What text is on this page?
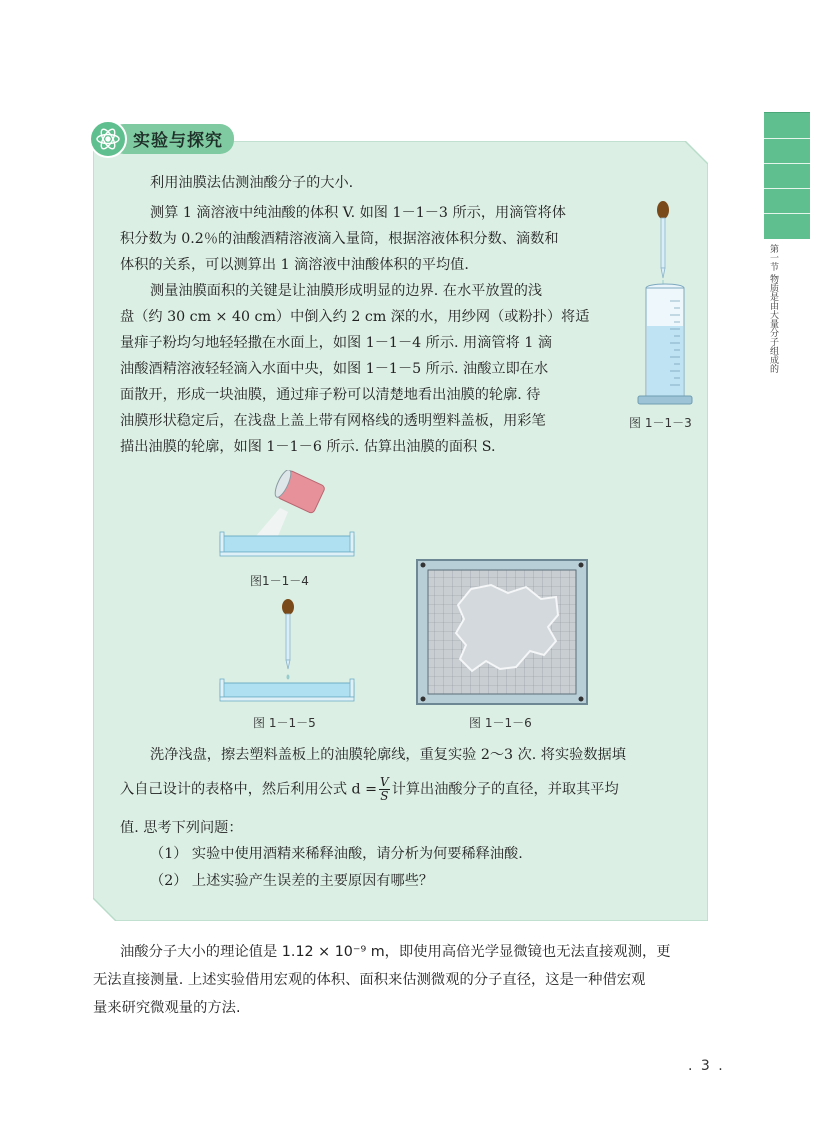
第一节 物质是由大量分子组成的
实验与探究
利用油膜法估测油酸分子的大小.
测算 1 滴溶液中纯油酸的体积 V. 如图 1－1－3 所示，用滴管将体
积分数为 0.2％的油酸酒精溶液滴入量筒，根据溶液体积分数、滴数和
体积的关系，可以测算出 1 滴溶液中油酸体积的平均值.
测量油膜面积的关键是让油膜形成明显的边界. 在水平放置的浅
盘（约 30 cm × 40 cm）中倒入约 2 cm 深的水，用纱网（或粉扑）将适
量痱子粉均匀地轻轻撒在水面上，如图 1－1－4 所示. 用滴管将 1 滴
油酸酒精溶液轻轻滴入水面中央，如图 1－1－5 所示. 油酸立即在水
面散开，形成一块油膜，通过痱子粉可以清楚地看出油膜的轮廓. 待
油膜形状稳定后，在浅盘上盖上带有网格线的透明塑料盖板，用彩笔
描出油膜的轮廓，如图 1－1－6 所示. 估算出油膜的面积 S.
图 1－1－3
图1－1－4
图 1－1－5	图 1－1－6
洗净浅盘，擦去塑料盖板上的油膜轮廓线，重复实验 2～3 次. 将实验数据填
入自己设计的表格中，然后利用公式 $d = \frac{V}{S}$ 计算出油酸分子的直径，并取其平均
值. 思考下列问题：
（1） 实验中使用酒精来稀释油酸，请分析为何要稀释油酸.
（2） 上述实验产生误差的主要原因有哪些？
油酸分子大小的理论值是 1.12 × 10⁻⁹ m，即使用高倍光学显微镜也无法直接观测，更
无法直接测量. 上述实验借用宏观的体积、面积来估测微观的分子直径，这是一种借宏观
量来研究微观量的方法.
. 3 .
